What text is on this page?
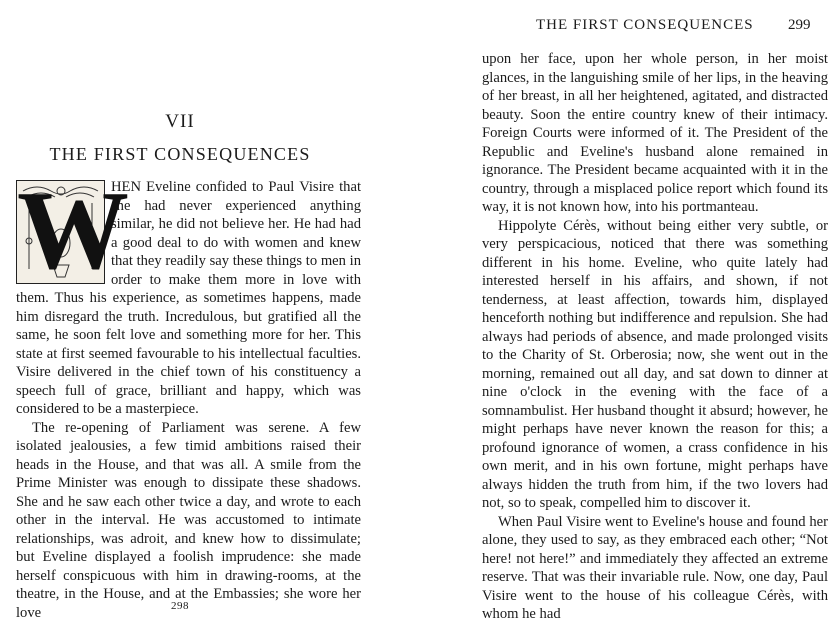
VII
THE FIRST CONSEQUENCES

W
HEN Eveline confided to Paul Visire that she had never experienced anything similar, he did not believe her. He had had a good deal to do with women and knew that they readily say these things to men in order to make them more in love with them. Thus his experience, as sometimes happens, made him disregard the truth. Incredulous, but gratified all the same, he soon felt love and something more for her. This state at first seemed favourable to his intellectual faculties. Visire delivered in the chief town of his constituency a speech full of grace, brilliant and happy, which was considered to be a masterpiece.

The re-opening of Parliament was serene. A few isolated jealousies, a few timid ambitions raised their heads in the House, and that was all. A smile from the Prime Minister was enough to dissipate these shadows. She and he saw each other twice a day, and wrote to each other in the interval. He was accustomed to intimate relationships, was adroit, and knew how to dissimulate; but Eveline displayed a foolish imprudence: she made herself conspicuous with him in drawing-rooms, at the theatre, in the House, and at the Embassies; she wore her love	298
THE FIRST CONSEQUENCES 299

upon her face, upon her whole person, in her moist glances, in the languishing smile of her lips, in the heaving of her breast, in all her heightened, agitated, and distracted beauty. Soon the entire country knew of their intimacy. Foreign Courts were informed of it. The President of the Republic and Eveline's husband alone remained in ignorance. The President became acquainted with it in the country, through a misplaced police report which found its way, it is not known how, into his portmanteau.

Hippolyte Cérès, without being either very subtle, or very perspicacious, noticed that there was something different in his home. Eveline, who quite lately had interested herself in his affairs, and shown, if not tenderness, at least affection, towards him, displayed henceforth nothing but indifference and repulsion. She had always had periods of absence, and made prolonged visits to the Charity of St. Orberosia; now, she went out in the morning, remained out all day, and sat down to dinner at nine o'clock in the evening with the face of a somnambulist. Her husband thought it absurd; however, he might perhaps have never known the reason for this; a profound ignorance of women, a crass confidence in his own merit, and in his own fortune, might perhaps have always hidden the truth from him, if the two lovers had not, so to speak, compelled him to discover it.

When Paul Visire went to Eveline's house and found her alone, they used to say, as they embraced each other; “Not here! not here!” and immediately they affected an extreme reserve. That was their invariable rule. Now, one day, Paul Visire went to the house of his colleague Cérès, with whom he had
